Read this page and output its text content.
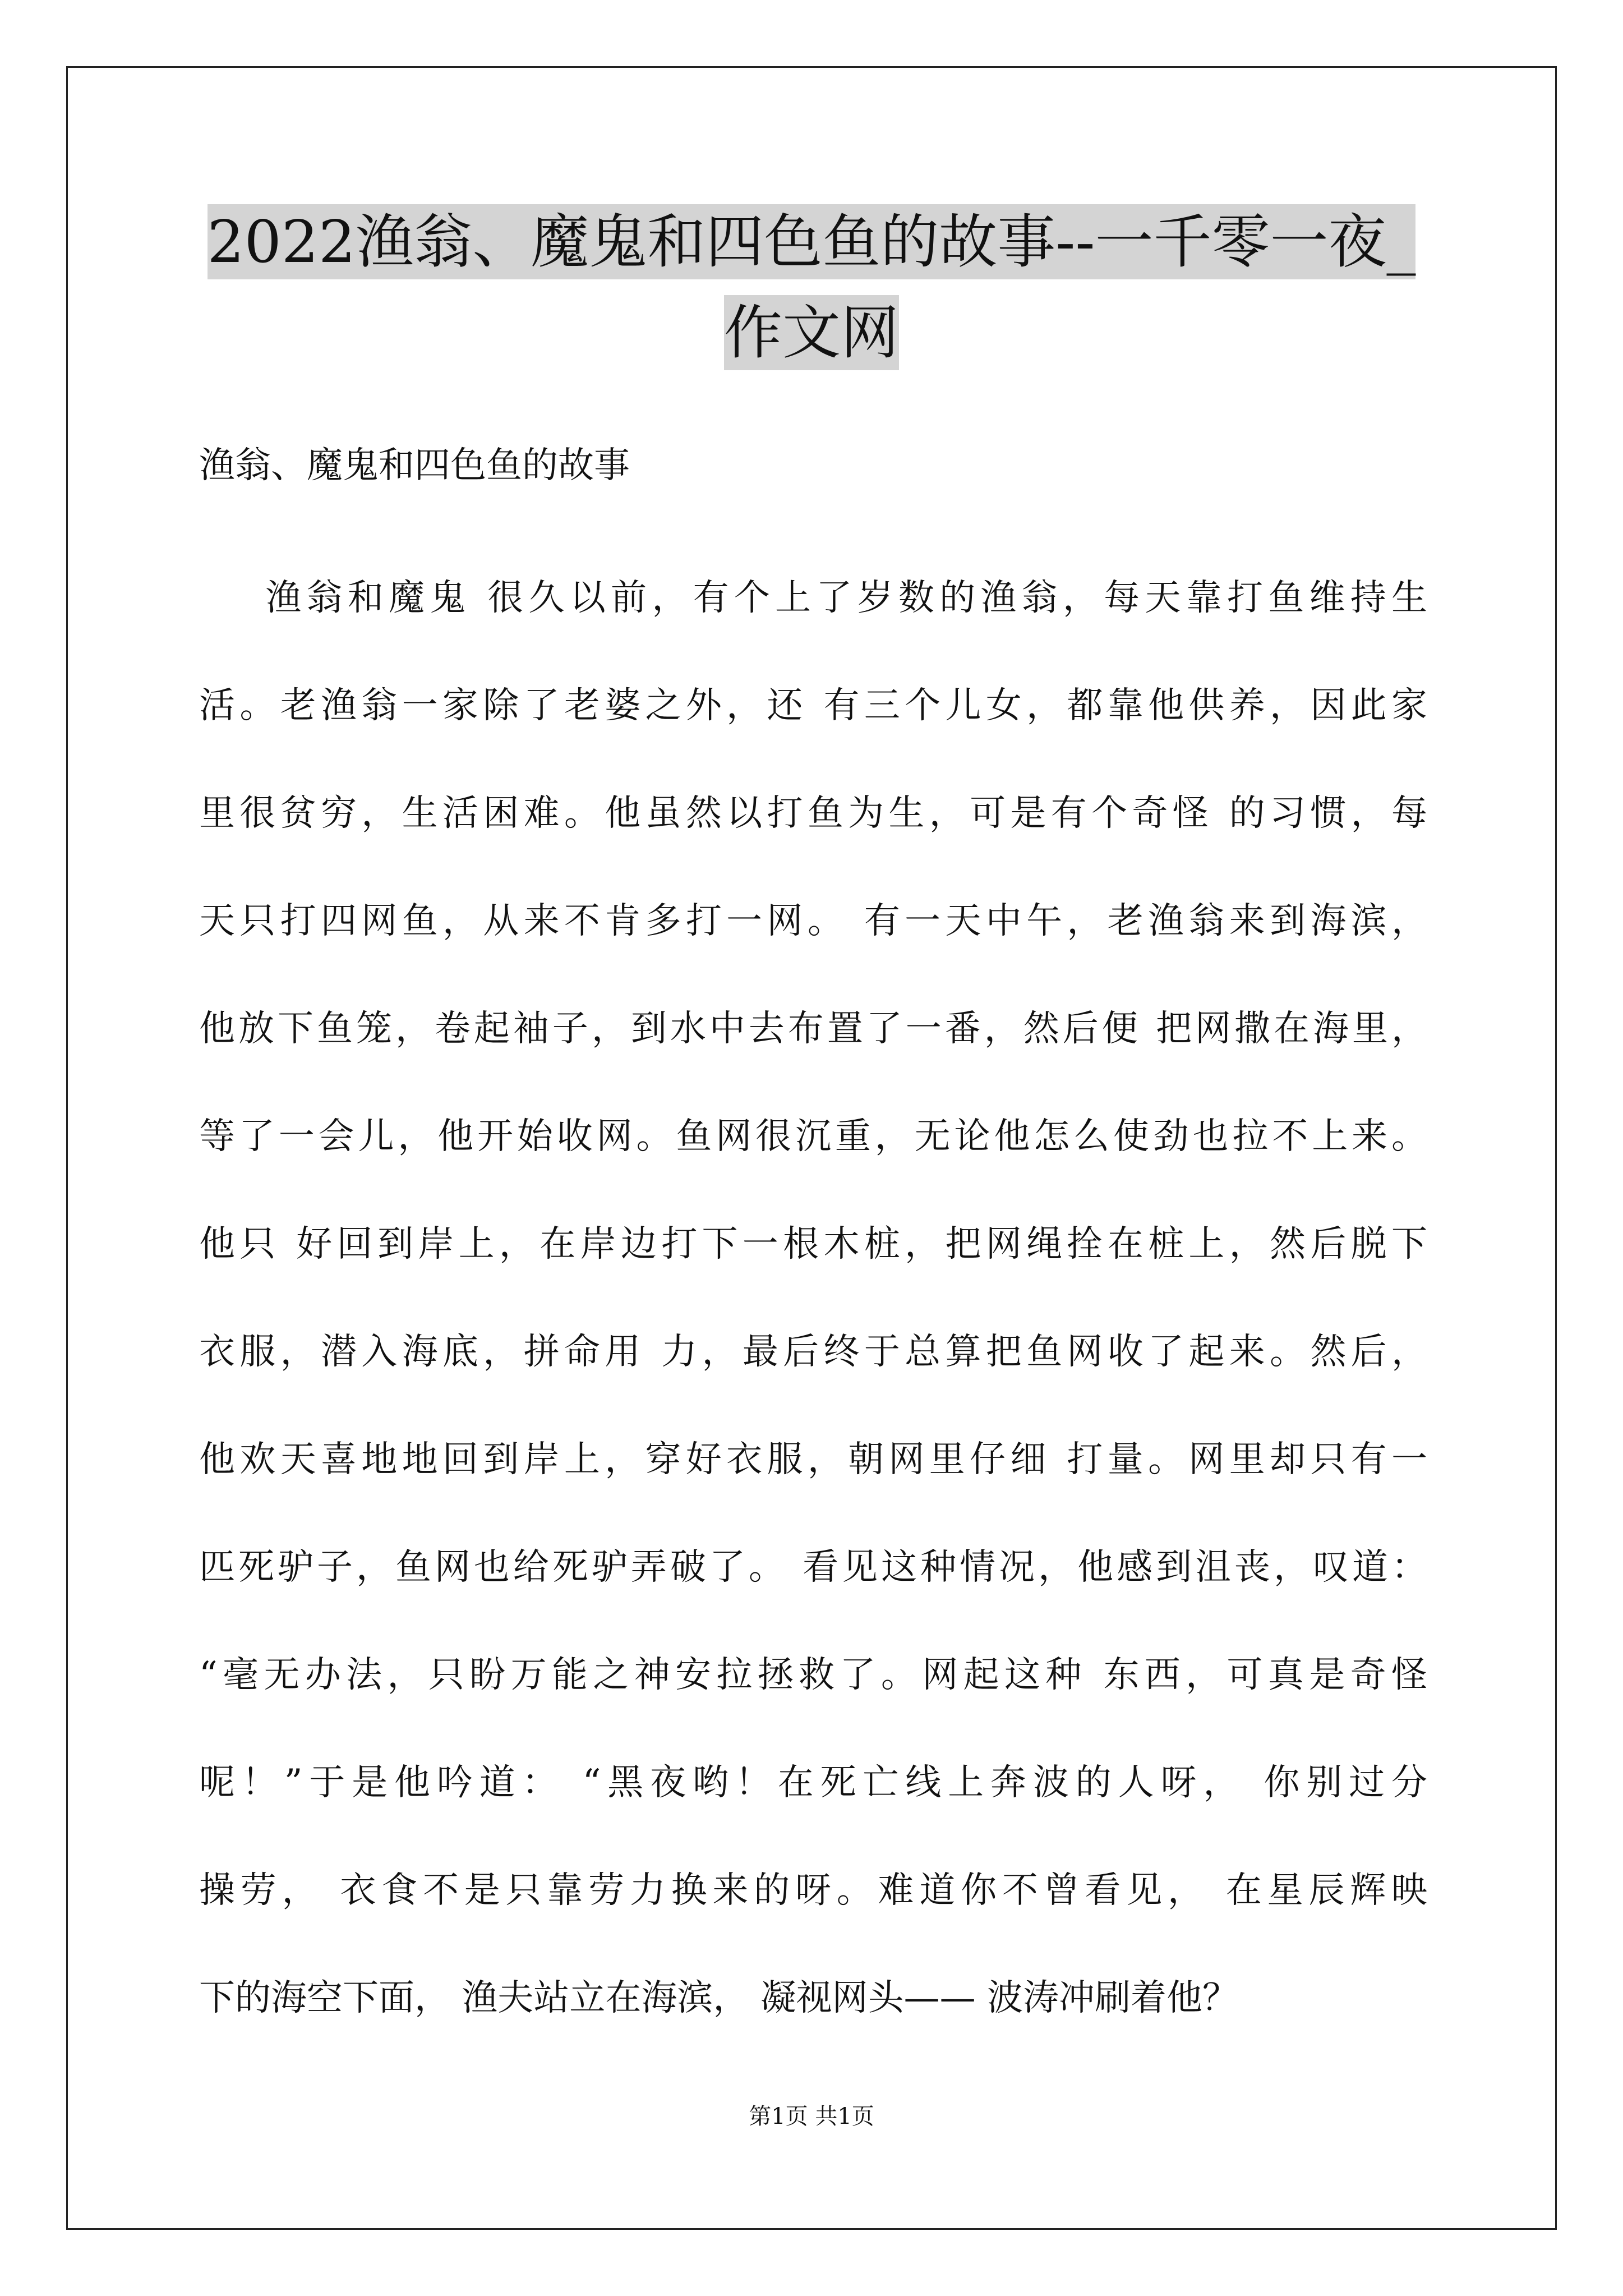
2022渔翁、魔鬼和四色鱼的故事--一千零一夜_
作文网

渔翁、魔鬼和四色鱼的故事

渔翁和魔鬼 很久以前，有个上了岁数的渔翁，每天靠打鱼维持生
活。老渔翁一家除了老婆之外，还 有三个儿女，都靠他供养，因此家
里很贫穷，生活困难。他虽然以打鱼为生，可是有个奇怪 的习惯，每
天只打四网鱼，从来不肯多打一网。 有一天中午，老渔翁来到海滨，
他放下鱼笼，卷起袖子，到水中去布置了一番，然后便 把网撒在海里，
等了一会儿，他开始收网。鱼网很沉重，无论他怎么使劲也拉不上来。
他只 好回到岸上，在岸边打下一根木桩，把网绳拴在桩上，然后脱下
衣服，潜入海底，拼命用 力，最后终于总算把鱼网收了起来。然后，
他欢天喜地地回到岸上，穿好衣服，朝网里仔细 打量。网里却只有一
匹死驴子，鱼网也给死驴弄破了。 看见这种情况，他感到沮丧，叹道：
“毫无办法，只盼万能之神安拉拯救了。网起这种 东西，可真是奇怪
呢！”于是他吟道： “黑夜哟！在死亡线上奔波的人呀， 你别过分
操劳， 衣食不是只靠劳力换来的呀。难道你不曾看见， 在星辰辉映
下的海空下面， 渔夫站立在海滨， 凝视网头—— 波涛冲刷着他？
第1页 共1页
